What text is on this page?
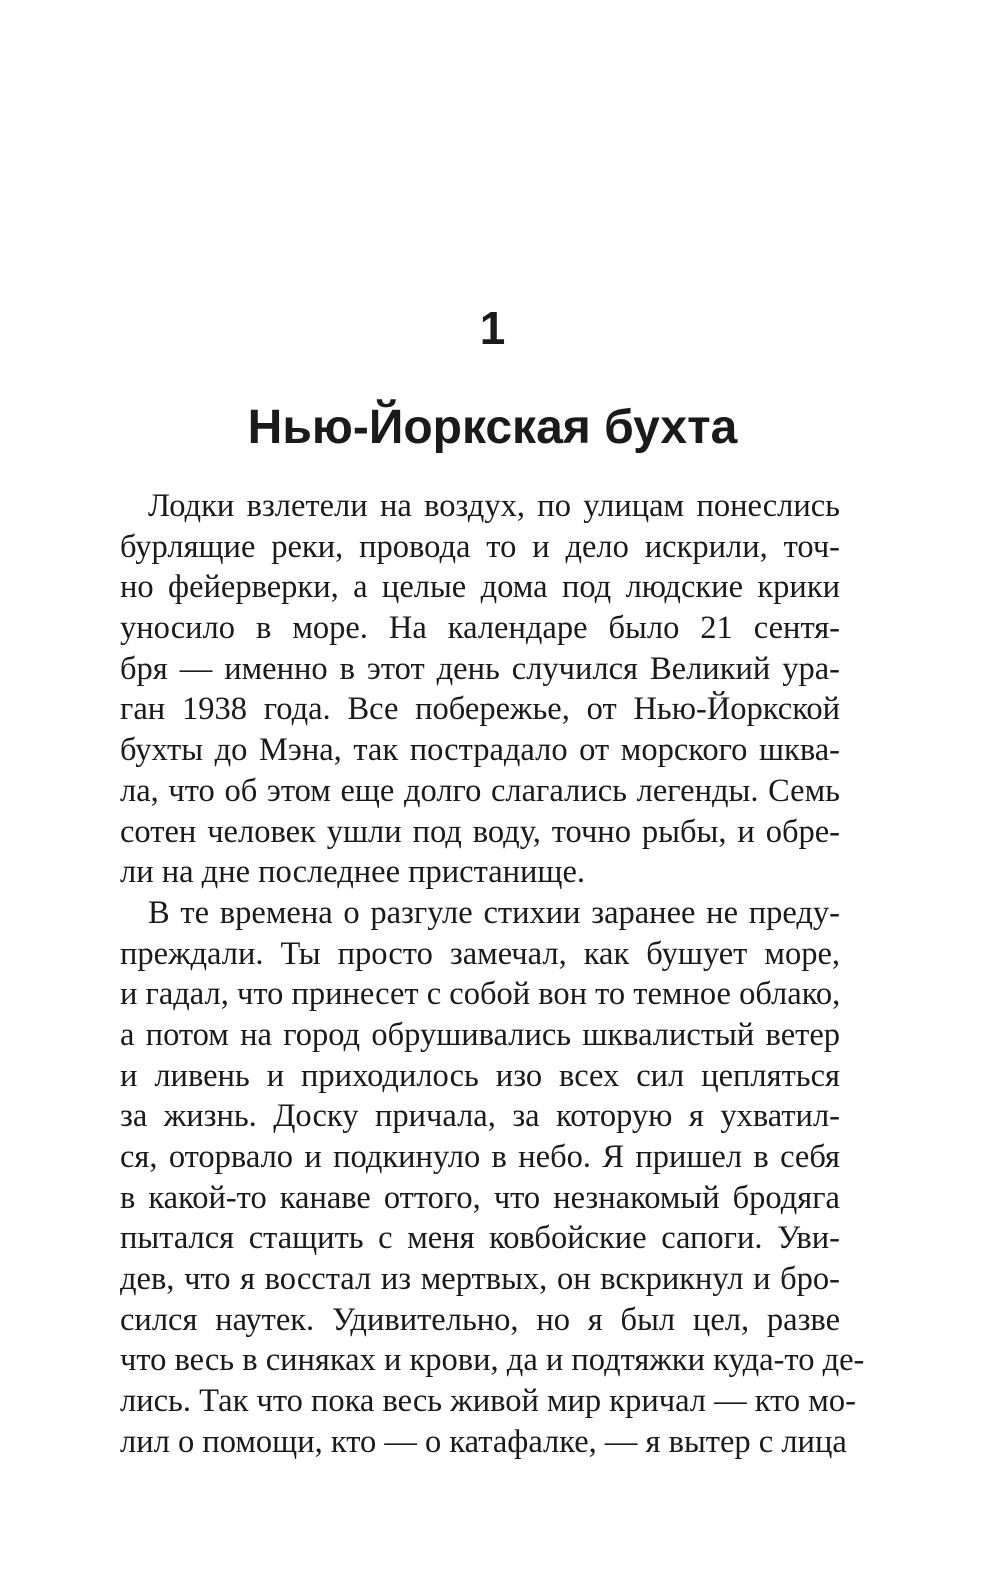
1
Нью-Йоркская бухта
Лодки взлетели на воздух, по улицам понеслись
бурлящие реки, провода то и дело искрили, точ-
но фейерверки, а целые дома под людские крики
уносило в море. На календаре было 21 сентя-
бря — именно в этот день случился Великий ура-
ган 1938 года. Все побережье, от Нью-Йоркской
бухты до Мэна, так пострадало от морского шква-
ла, что об этом еще долго слагались легенды. Семь
сотен человек ушли под воду, точно рыбы, и обре-
ли на дне последнее пристанище.
В те времена о разгуле стихии заранее не преду-
преждали. Ты просто замечал, как бушует море,
и гадал, что принесет с собой вон то темное облако,
а потом на город обрушивались шквалистый ветер
и ливень и приходилось изо всех сил цепляться
за жизнь. Доску причала, за которую я ухватил-
ся, оторвало и подкинуло в небо. Я пришел в себя
в какой-то канаве оттого, что незнакомый бродяга
пытался стащить с меня ковбойские сапоги. Уви-
дев, что я восстал из мертвых, он вскрикнул и бро-
сился наутек. Удивительно, но я был цел, разве
что весь в синяках и крови, да и подтяжки куда-то де-
лись. Так что пока весь живой мир кричал — кто мо-
лил о помощи, кто — о катафалке, — я вытер с лица
